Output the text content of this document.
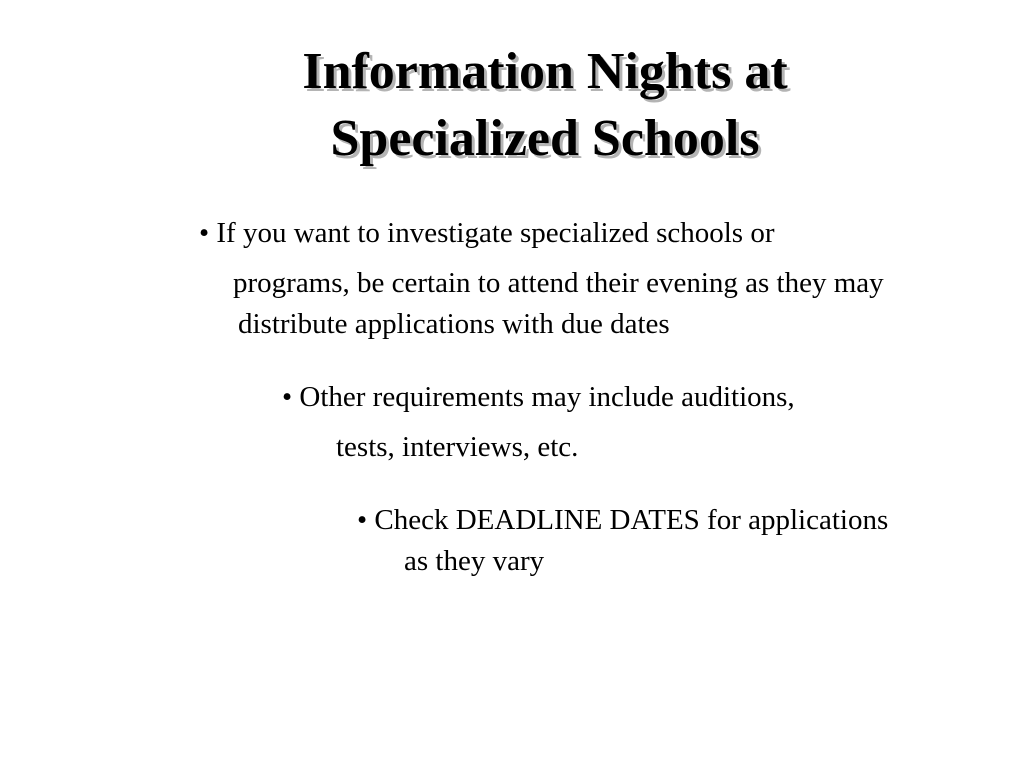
Information Nights at
Specialized Schools

• If you want to investigate specialized schools or

programs, be certain to attend their evening as they may

distribute applications with due dates

• Other requirements may include auditions,

tests, interviews, etc.

• Check DEADLINE DATES for applications

as they vary
